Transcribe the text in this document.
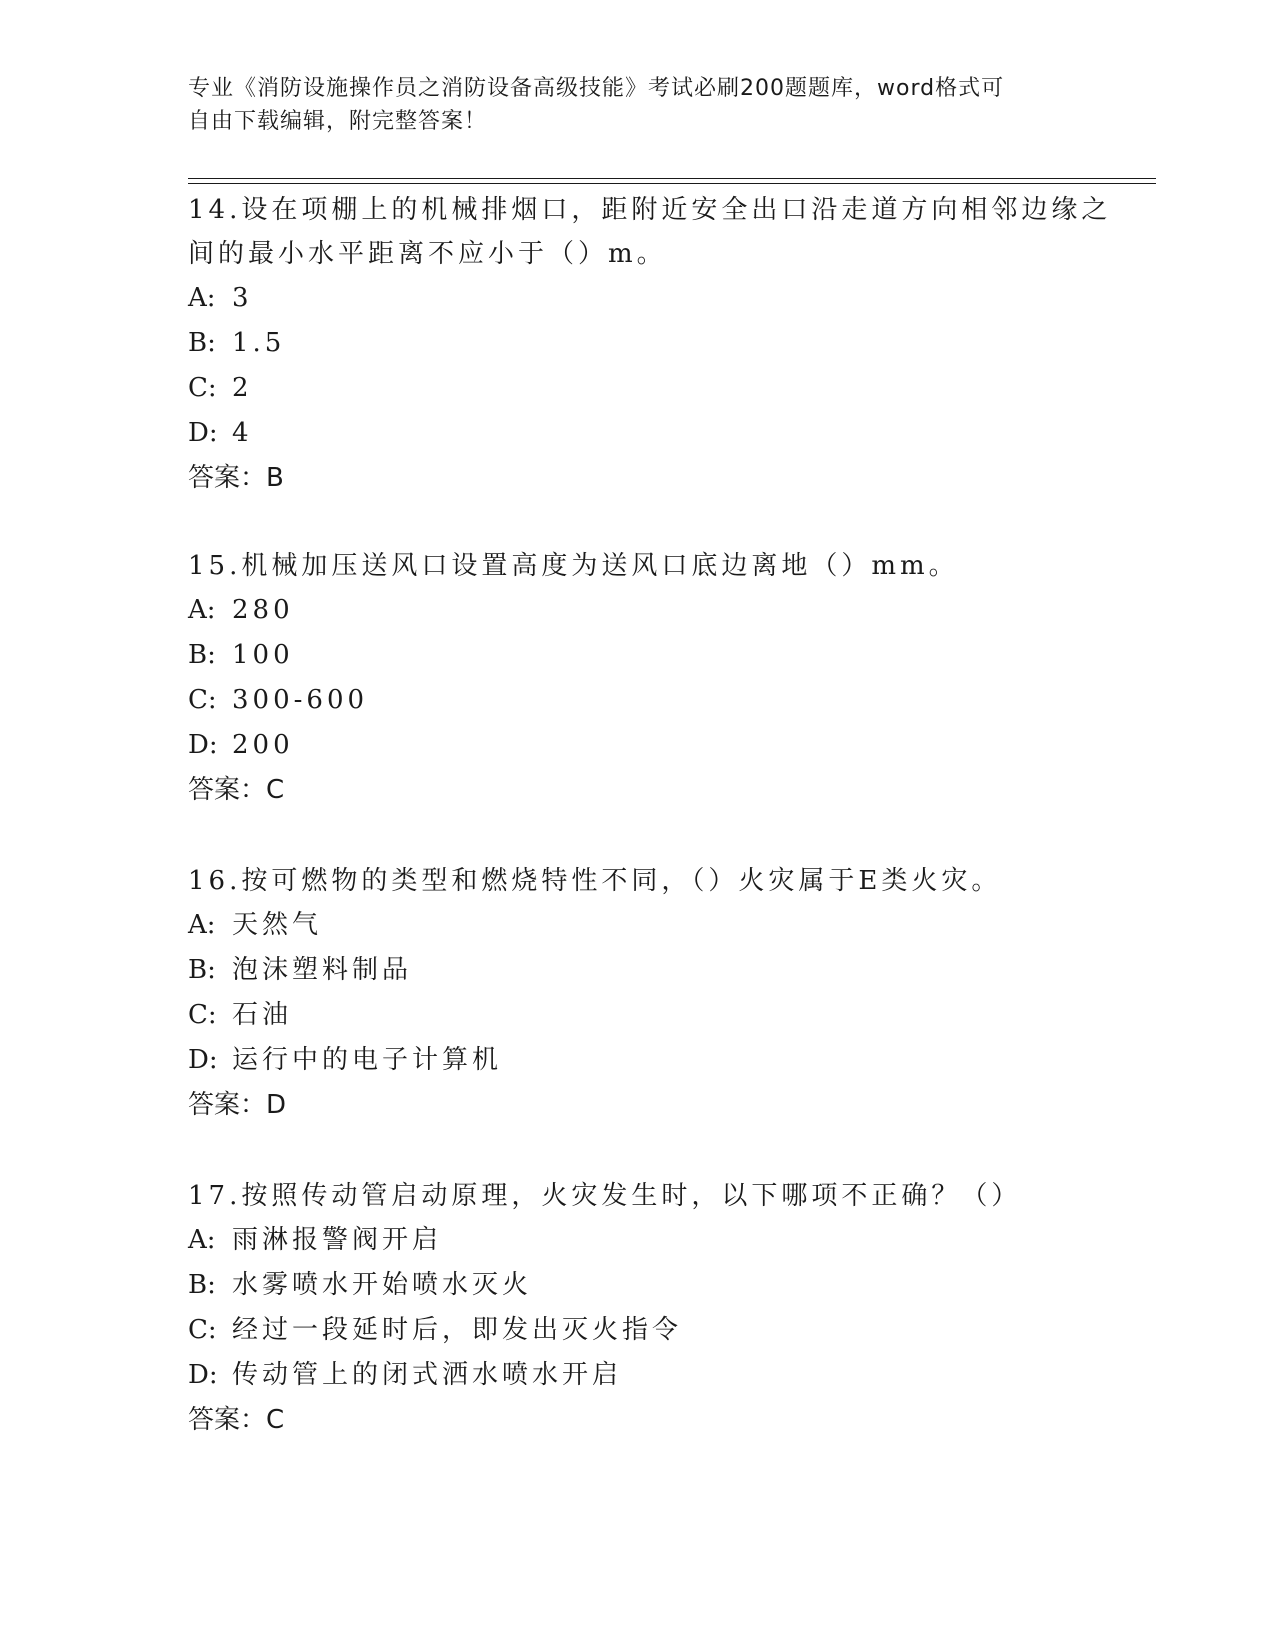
专业《消防设施操作员之消防设备高级技能》考试必刷200题题库，word格式可
自由下载编辑，附完整答案！
14.设在项棚上的机械排烟口，距附近安全出口沿走道方向相邻边缘之
间的最小水平距离不应小于（）m。
A: 3
B: 1.5
C: 2
D: 4
答案：B
15.机械加压送风口设置高度为送风口底边离地（）mm。
A: 280
B: 100
C: 300-600
D: 200
答案：C
16.按可燃物的类型和燃烧特性不同，（）火灾属于E类火灾。
A: 天然气
B: 泡沫塑料制品
C: 石油
D: 运行中的电子计算机
答案：D
17.按照传动管启动原理，火灾发生时，以下哪项不正确？（）
A: 雨淋报警阀开启
B: 水雾喷水开始喷水灭火
C: 经过一段延时后，即发出灭火指令
D: 传动管上的闭式洒水喷水开启
答案：C
